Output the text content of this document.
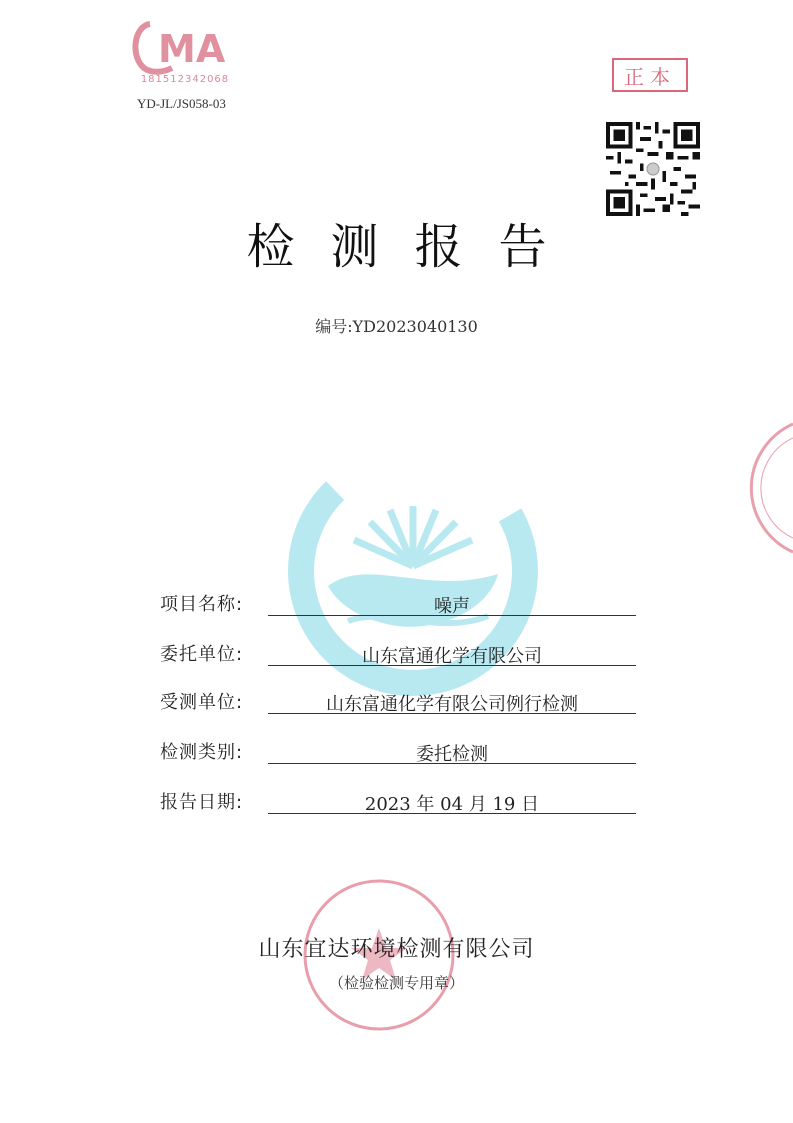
MA
181512342068
YD-JL/JS058-03
正本
检测报告
编号:YD2023040130
项目名称:	噪声
委托单位:	山东富通化学有限公司
受测单位:	山东富通化学有限公司例行检测
检测类别:	委托检测
报告日期:	2023 年 04 月 19 日
山东宜达环境检测有限公司
（检验检测专用章）
